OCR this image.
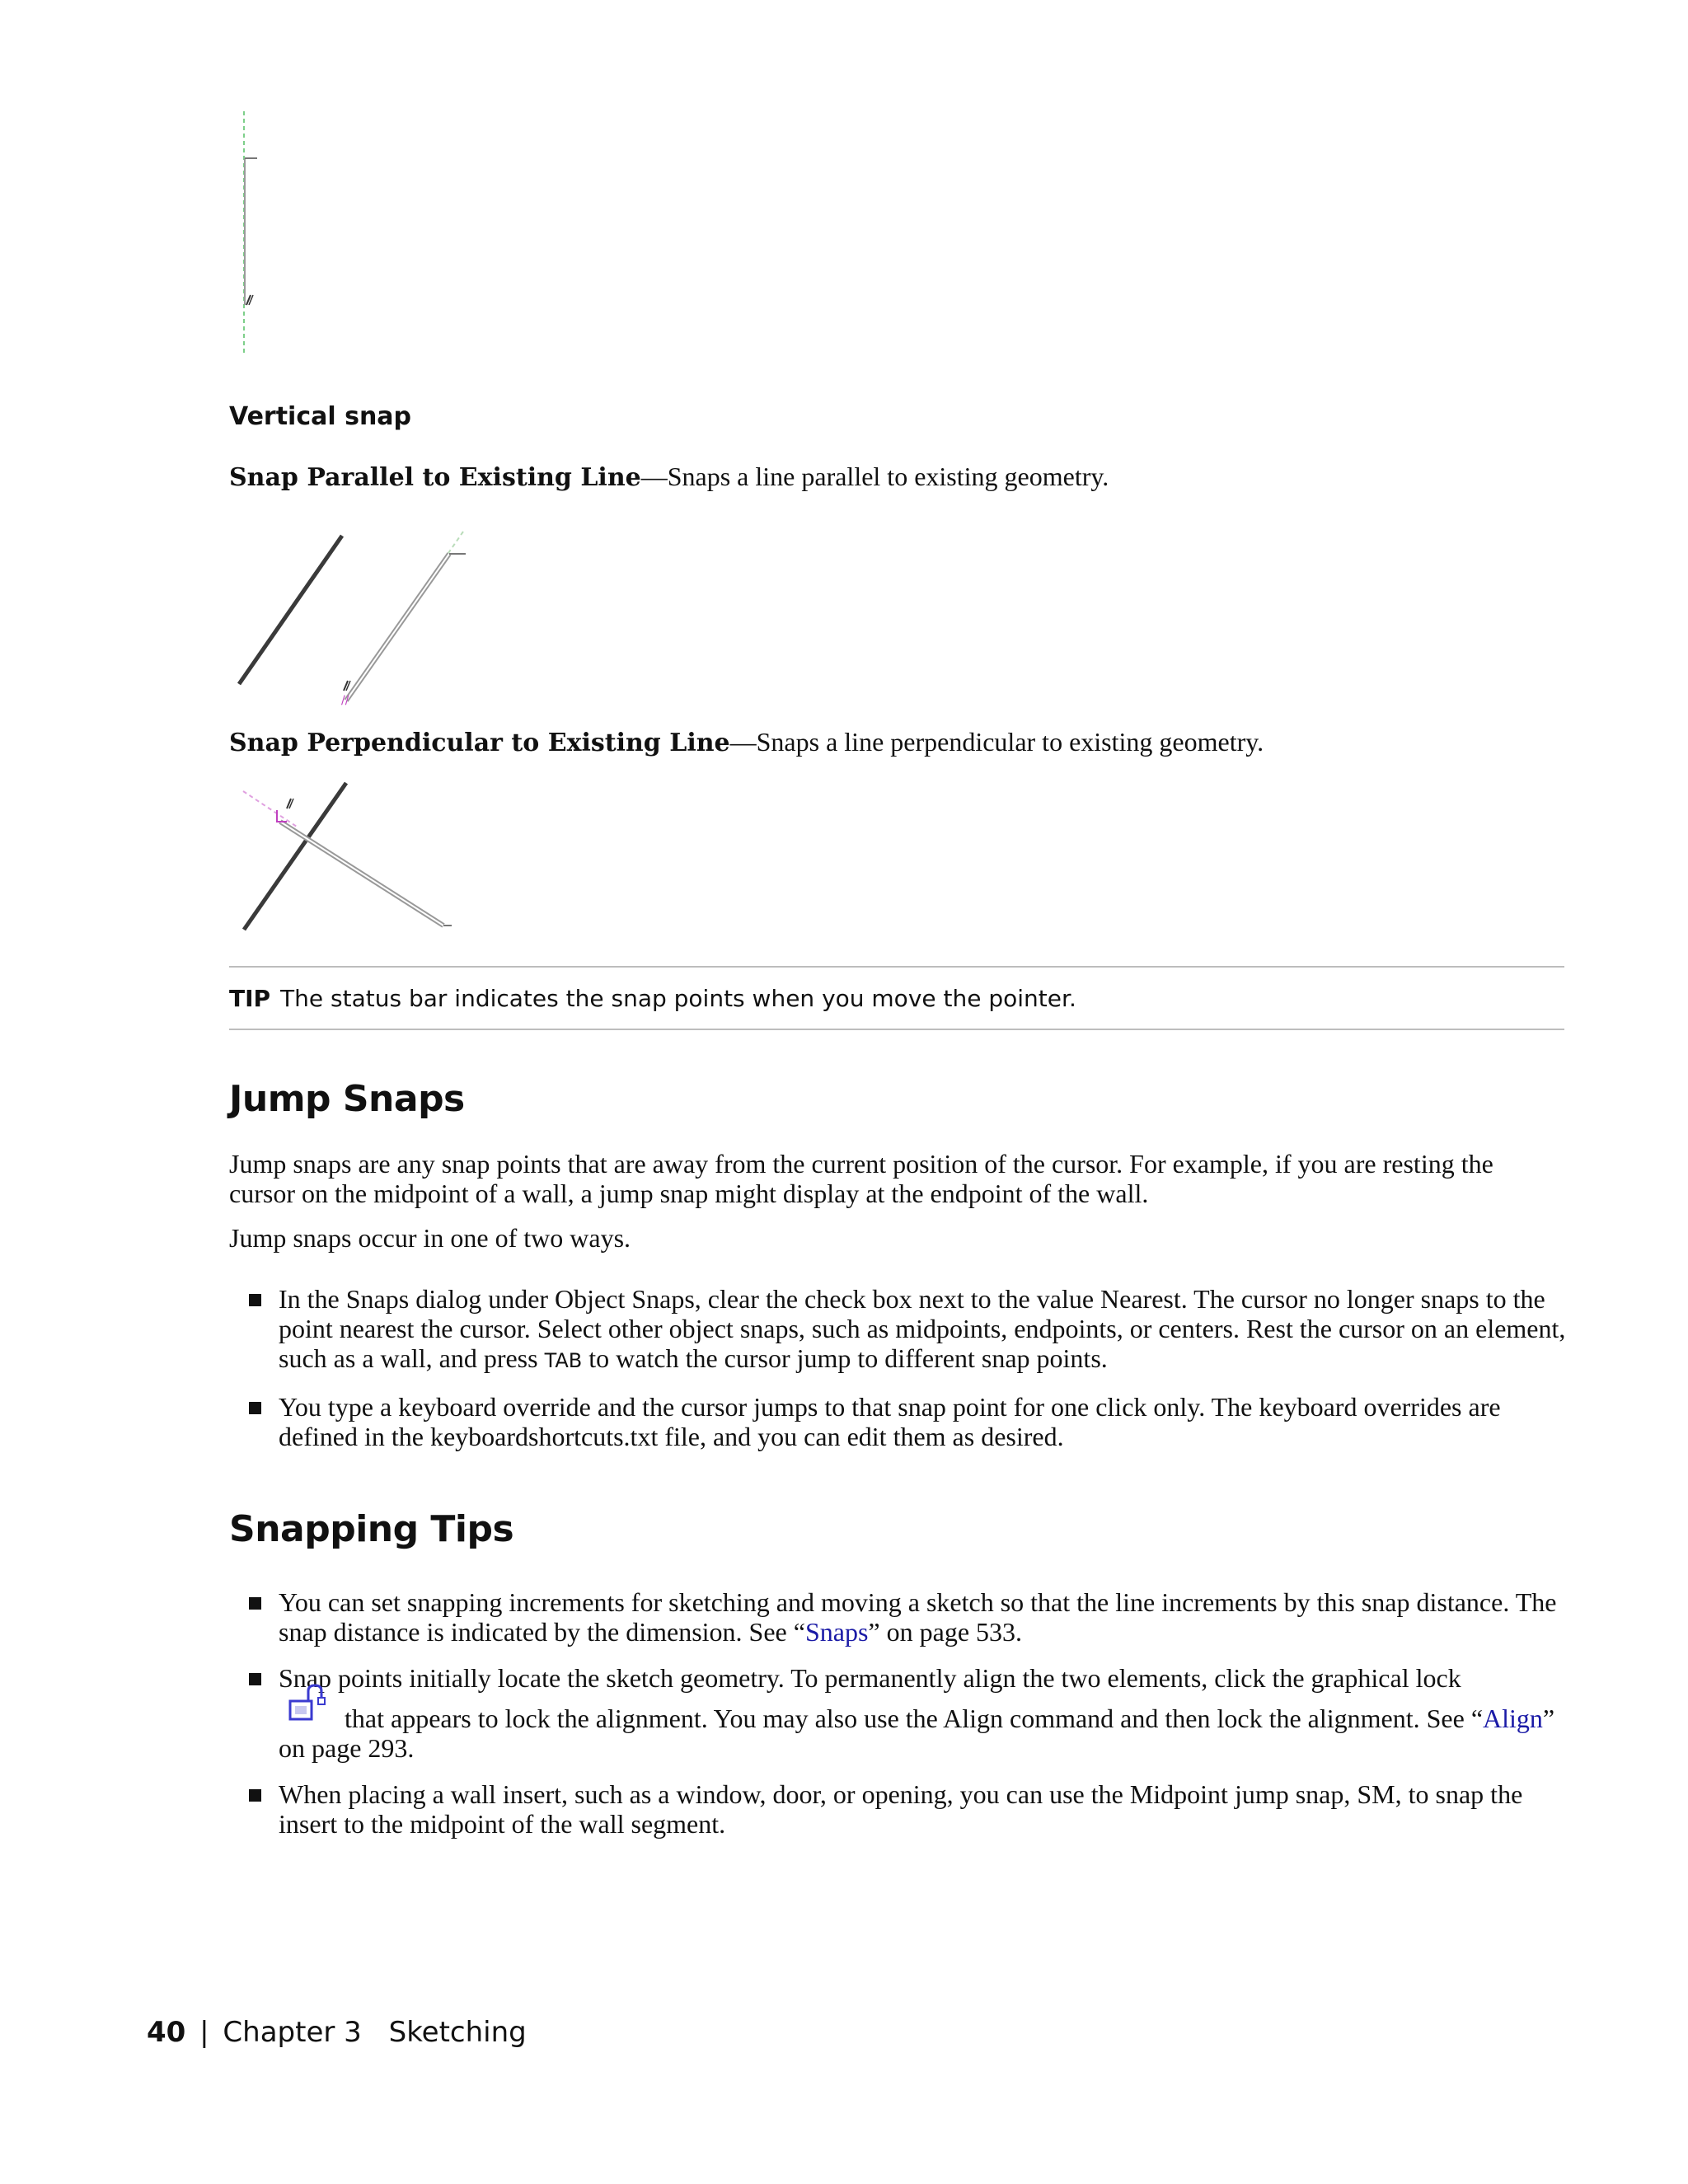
Vertical snap
Snap Parallel to Existing Line—Snaps a line parallel to existing geometry.
//
Snap Perpendicular to Existing Line—Snaps a line perpendicular to existing geometry.
TIP The status bar indicates the snap points when you move the pointer.
Jump Snaps
Jump snaps are any snap points that are away from the current position of the cursor. For example, if you are resting the cursor on the midpoint of a wall, a jump snap might display at the endpoint of the wall.
Jump snaps occur in one of two ways.
In the Snaps dialog under Object Snaps, clear the check box next to the value Nearest. The cursor no longer snaps to the point nearest the cursor. Select other object snaps, such as midpoints, endpoints, or centers. Rest the cursor on an element, such as a wall, and press TAB to watch the cursor jump to different snap points.
You type a keyboard override and the cursor jumps to that snap point for one click only. The keyboard overrides are defined in the keyboardshortcuts.txt file, and you can edit them as desired.
Snapping Tips
You can set snapping increments for sketching and moving a sketch so that the line increments by this snap distance. The snap distance is indicated by the dimension. See “Snaps” on page 533.
Snap points initially locate the sketch geometry. To permanently align the two elements, click the graphical lock

that appears to lock the alignment. You may also use the Align command and then lock the alignment. See “Align” on page 293.
When placing a wall insert, such as a window, door, or opening, you can use the Midpoint jump snap, SM, to snap the insert to the midpoint of the wall segment.
40 | Chapter 3 Sketching
